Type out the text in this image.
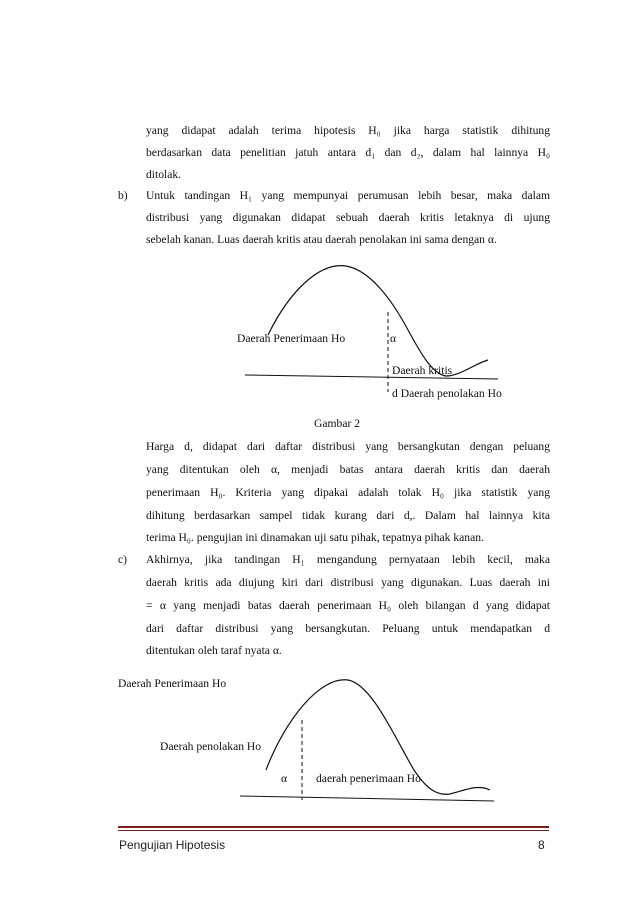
yang didapat adalah terima hipotesis H₀ jika harga statistik dihitung
berdasarkan data penelitian jatuh antara d₁ dan d₂, dalam hal lainnya H₀
ditolak.
b) Untuk tandingan H₁ yang mempunyai perumusan lebih besar, maka dalam
distribusi yang digunakan didapat sebuah daerah kritis letaknya di ujung
sebelah kanan. Luas daerah kritis atau daerah penolakan ini sama dengan α.
Daerah Penerimaan Ho	α
Daerah kritis
d Daerah penolakan Ho
Gambar 2
Harga d, didapat dari daftar distribusi yang bersangkutan dengan peluang
yang ditentukan oleh α, menjadi batas antara daerah kritis dan daerah
penerimaan H₀. Kriteria yang dipakai adalah tolak H₀ jika statistik yang
dihitung berdasarkan sampel tidak kurang dari d,. Dalam hal lainnya kita
terima H₀. pengujian ini dinamakan uji satu pihak, tepatnya pihak kanan.
c) Akhirnya, jika tandingan H₁ mengandung pernyataan lebih kecil, maka
daerah kritis ada diujung kiri dari distribusi yang digunakan. Luas daerah ini
= α yang menjadi batas daerah penerimaan H₀ oleh bilangan d yang didapat
dari daftar distribusi yang bersangkutan. Peluang untuk mendapatkan d
ditentukan oleh taraf nyata α.
Daerah Penerimaan Ho
Daerah penolakan Ho
α daerah penerimaan Ho
Pengujian Hipotesis	8
